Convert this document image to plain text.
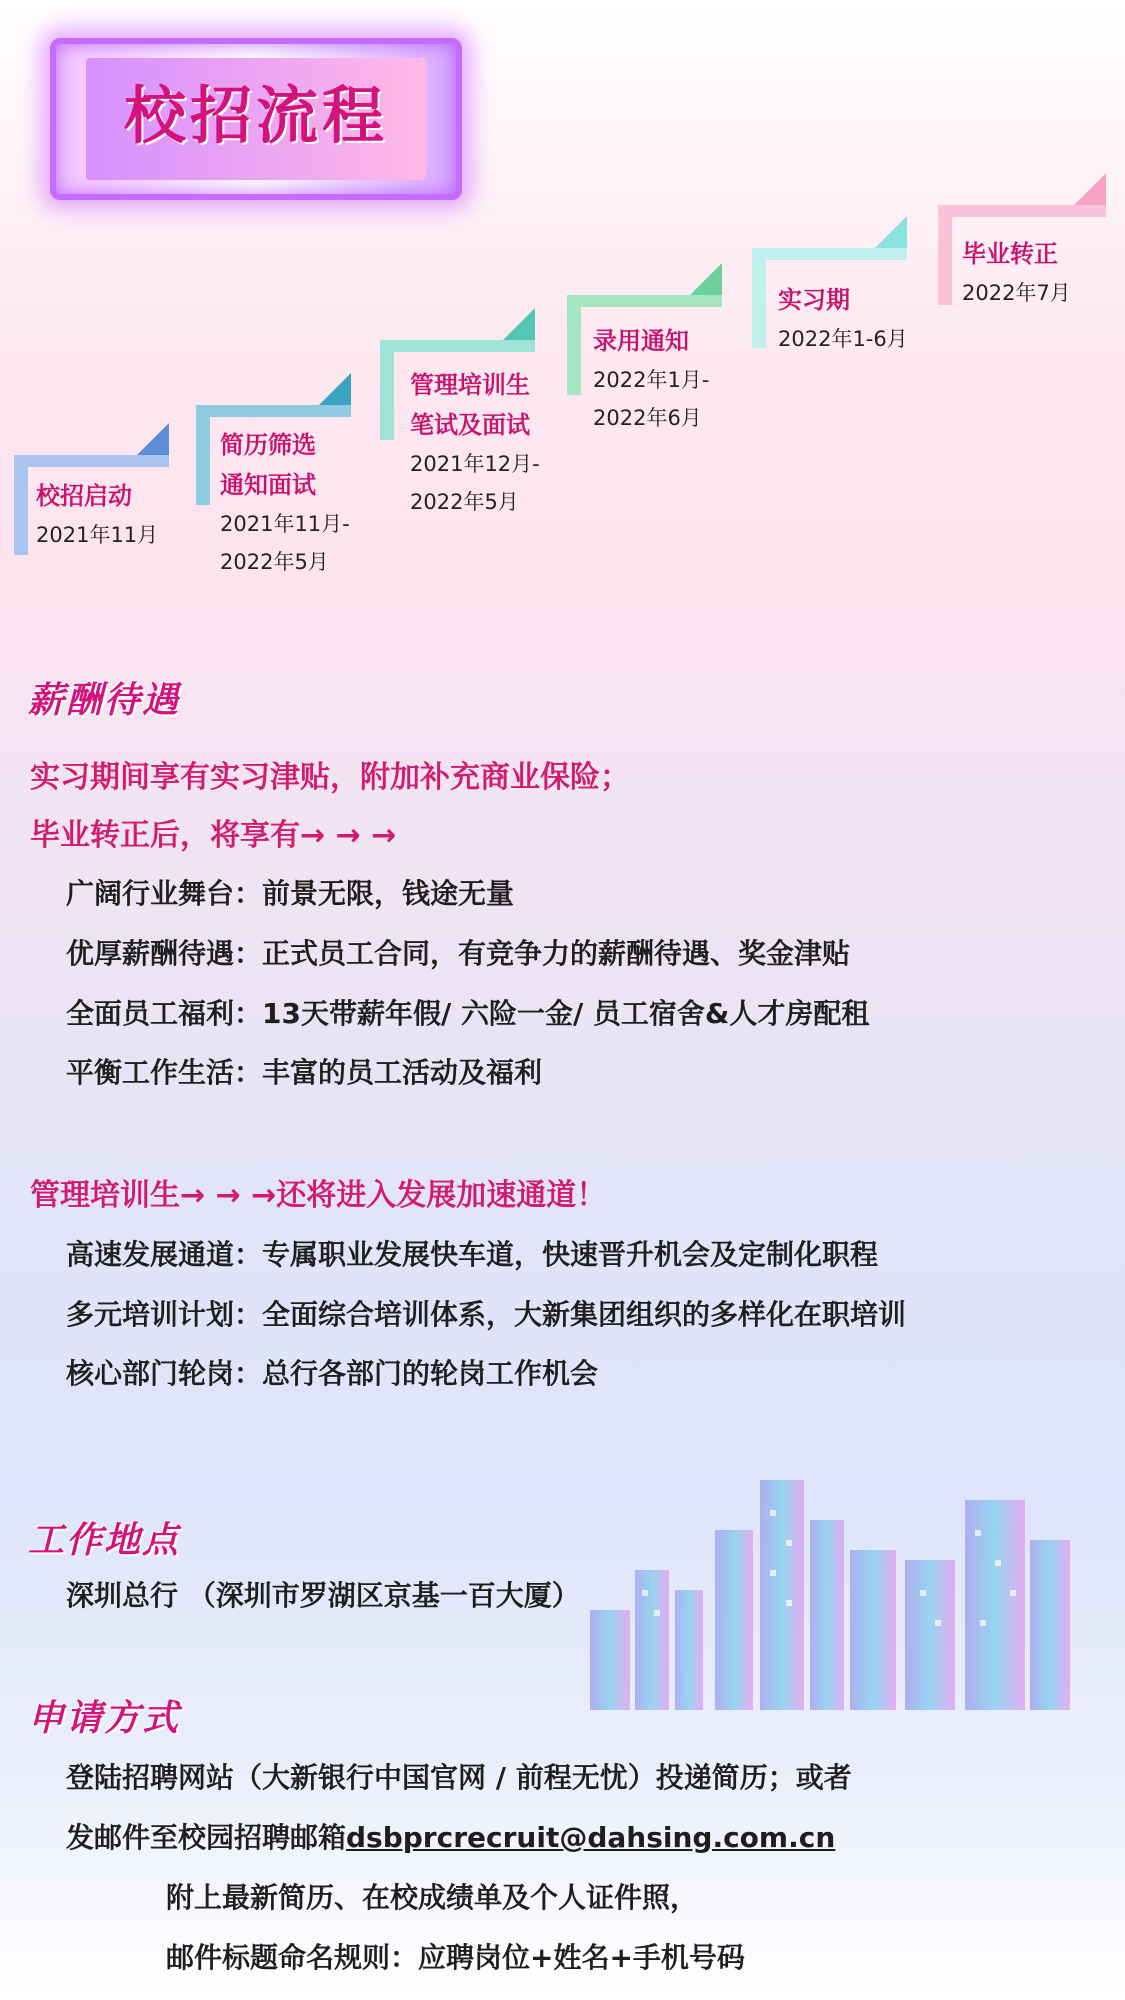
校招流程
校招启动
2021年11月
简历筛选
通知面试
2021年11月-
2022年5月
管理培训生
笔试及面试
2021年12月-
2022年5月
录用通知
2022年1月-
2022年6月
实习期
2022年1-6月
毕业转正
2022年7月
薪酬待遇
实习期间享有实习津贴，附加补充商业保险；
毕业转正后，将享有→ → →
广阔行业舞台：前景无限，钱途无量
优厚薪酬待遇：正式员工合同，有竞争力的薪酬待遇、奖金津贴
全面员工福利：13天带薪年假/ 六险一金/ 员工宿舍&人才房配租
平衡工作生活：丰富的员工活动及福利
管理培训生→ → →还将进入发展加速通道！
高速发展通道：专属职业发展快车道，快速晋升机会及定制化职程
多元培训计划：全面综合培训体系，大新集团组织的多样化在职培训
核心部门轮岗：总行各部门的轮岗工作机会
工作地点
深圳总行 （深圳市罗湖区京基一百大厦）
申请方式
登陆招聘网站（大新银行中国官网 / 前程无忧）投递简历；或者
发邮件至校园招聘邮箱dsbprcrecruit@dahsing.com.cn
附上最新简历、在校成绩单及个人证件照，
邮件标题命名规则：应聘岗位+姓名+手机号码
